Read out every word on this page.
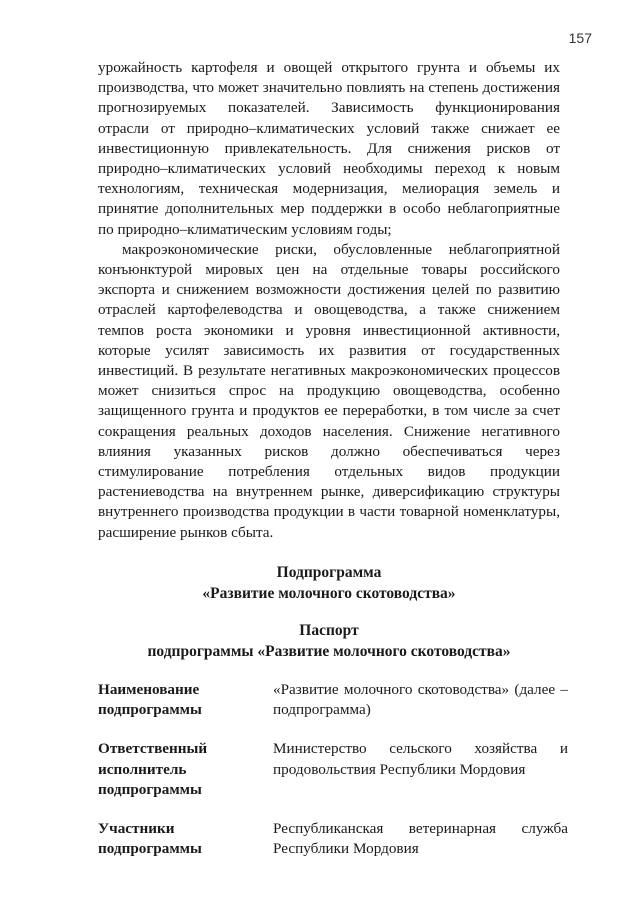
157

урожайность картофеля и овощей открытого грунта и объемы их производства, что может значительно повлиять на степень достижения прогнозируемых показателей. Зависимость функционирования отрасли от природно–климатических условий также снижает ее инвестиционную привлекательность. Для снижения рисков от природно–климатических условий необходимы переход к новым технологиям, техническая модернизация, мелиорация земель и принятие дополнительных мер поддержки в особо неблагоприятные по природно–климатическим условиям годы;

макроэкономические риски, обусловленные неблагоприятной конъюнктурой мировых цен на отдельные товары российского экспорта и снижением возможности достижения целей по развитию отраслей картофелеводства и овощеводства, а также снижением темпов роста экономики и уровня инвестиционной активности, которые усилят зависимость их развития от государственных инвестиций. В результате негативных макроэкономических процессов может снизиться спрос на продукцию овощеводства, особенно защищенного грунта и продуктов ее переработки, в том числе за счет сокращения реальных доходов населения. Снижение негативного влияния указанных рисков должно обеспечиваться через стимулирование потребления отдельных видов продукции растениеводства на внутреннем рынке, диверсификацию структуры внутреннего производства продукции в части товарной номенклатуры, расширение рынков сбыта.

Подпрограмма
«Развитие молочного скотоводства»
Паспорт
подпрограммы «Развитие молочного скотоводства»
Наименование подпрограммы
«Развитие молочного скотоводства» (далее – подпрограмма)
Ответственный исполнитель подпрограммы
Министерство сельского хозяйства и продовольствия Республики Мордовия
Участники подпрограммы
Республиканская ветеринарная служба Республики Мордовия
